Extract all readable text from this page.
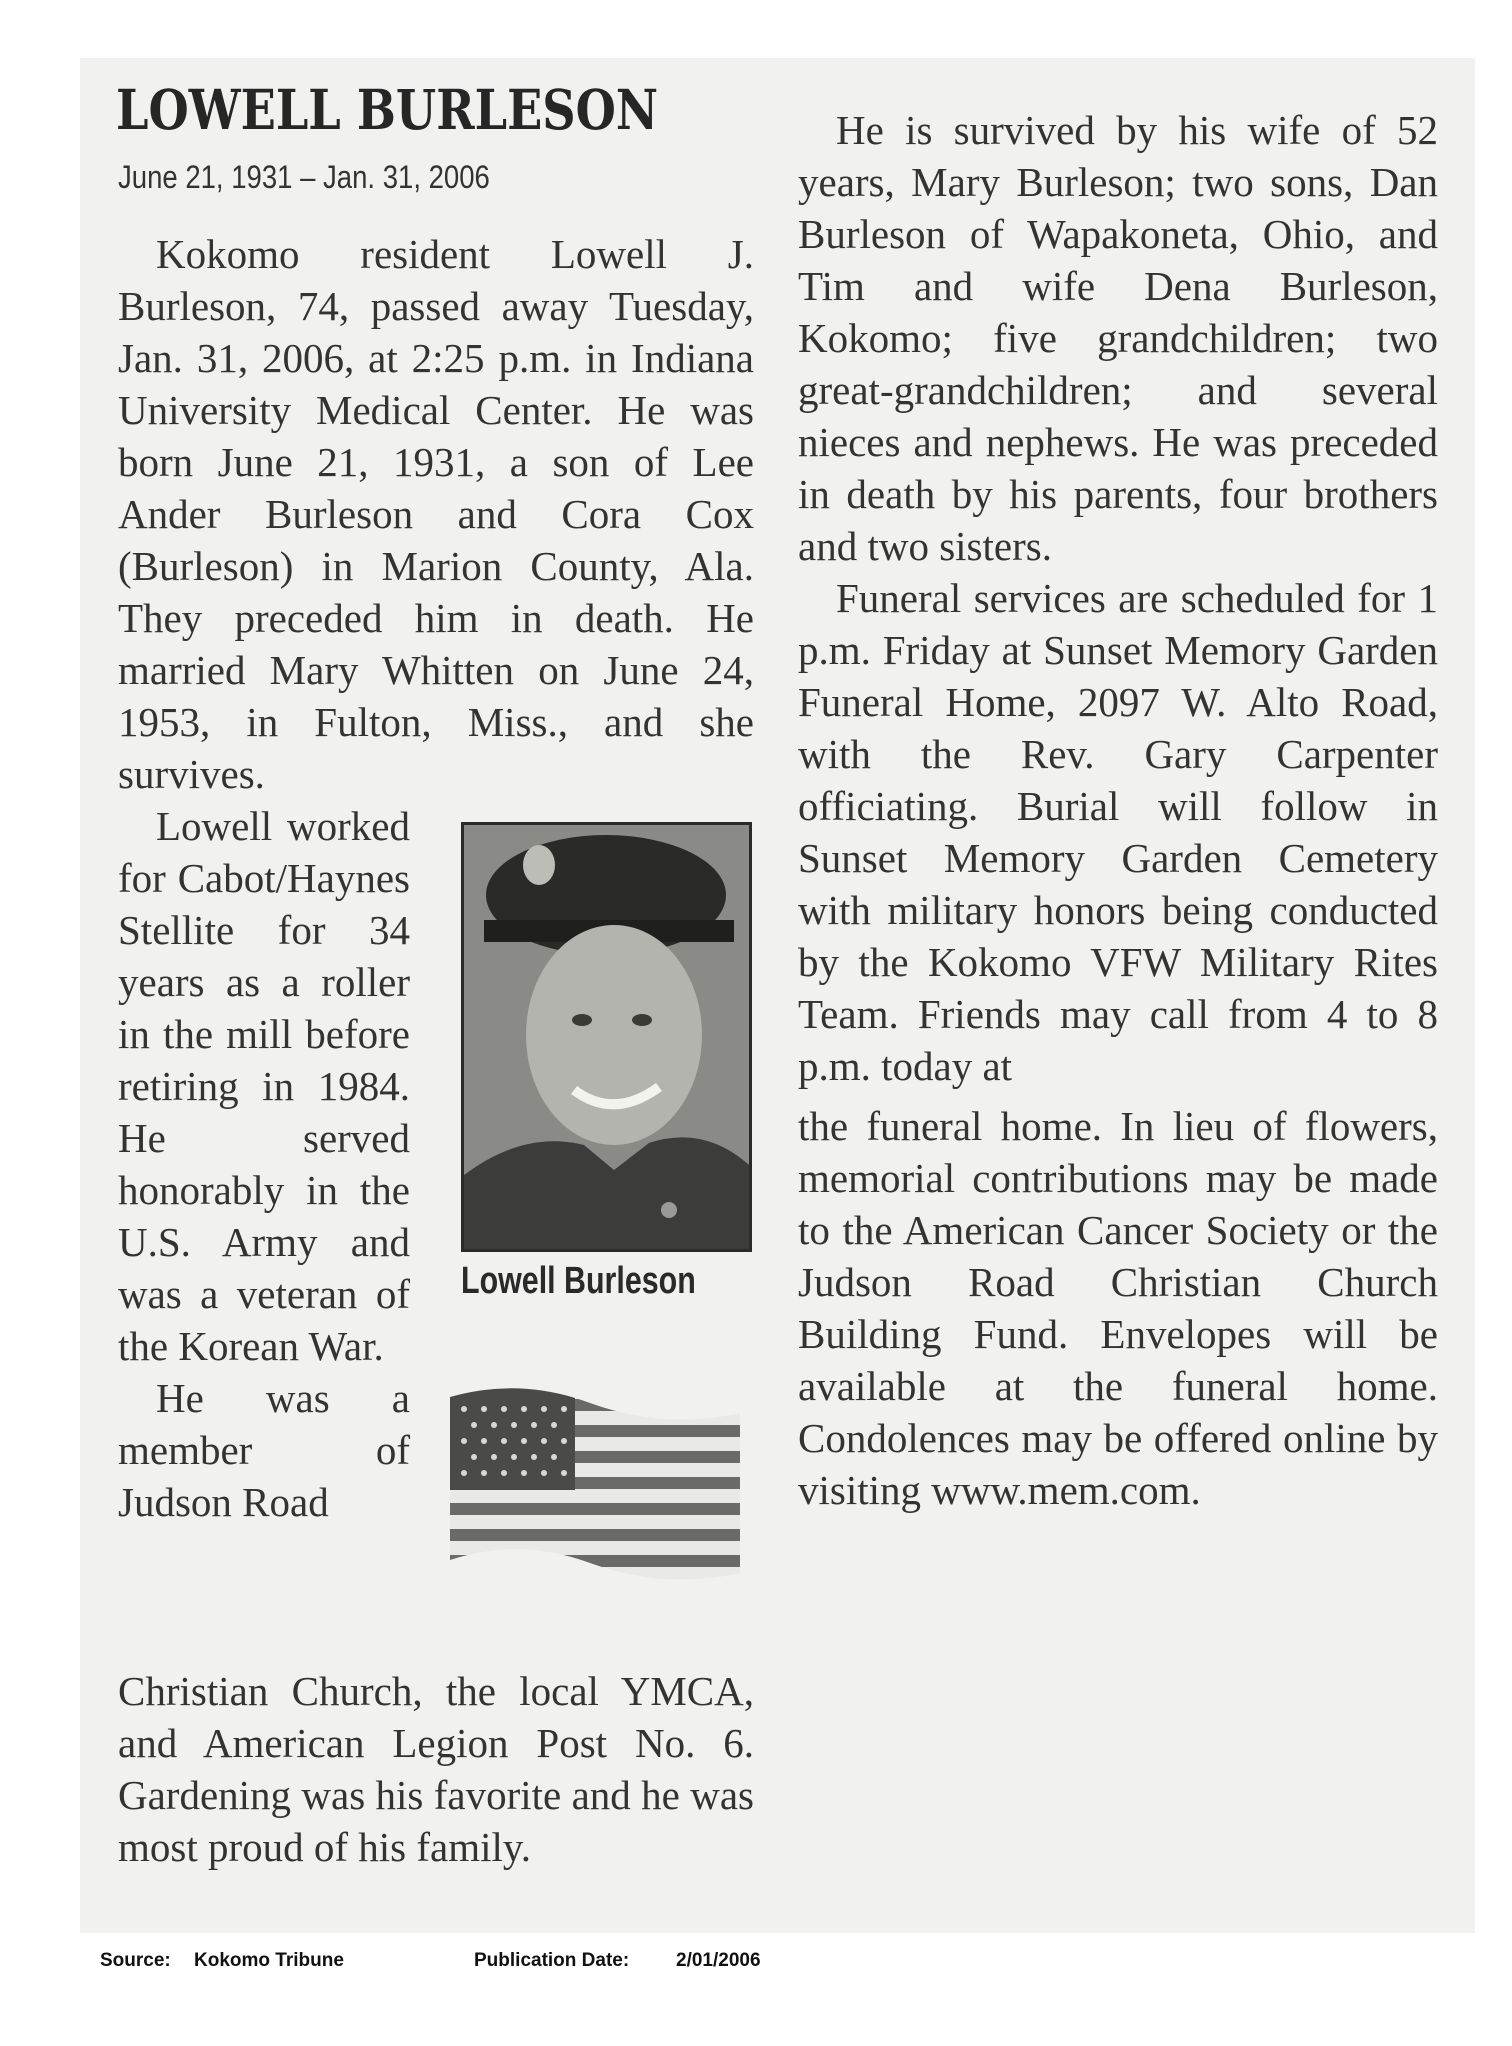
LOWELL BURLESON
June 21, 1931 – Jan. 31, 2006

Kokomo resident Lowell J. Burleson, 74, passed away Tuesday, Jan. 31, 2006, at 2:25 p.m. in Indiana University Medical Center. He was born June 21, 1931, a son of Lee Ander Burleson and Cora Cox (Burleson) in Marion County, Ala. They preceded him in death. He married Mary Whitten on June 24, 1953, in Fulton, Miss., and she survives.

Lowell worked for Cabot/Haynes Stellite for 34 years as a roller in the mill before retiring in 1984. He served honorably in the U.S. Army and was a veteran of the Korean War.

He was a member of Judson Road

Christian Church, the local YMCA, and American Legion Post No. 6. Gardening was his favorite and he was most proud of his family.
Lowell Burleson

He is survived by his wife of 52 years, Mary Burleson; two sons, Dan Burleson of Wapakoneta, Ohio, and Tim and wife Dena Burleson, Kokomo; five grandchildren; two great-grandchildren; and several nieces and nephews. He was preceded in death by his parents, four brothers and two sisters.

Funeral services are scheduled for 1 p.m. Friday at Sunset Memory Garden Funeral Home, 2097 W. Alto Road, with the Rev. Gary Carpenter officiating. Burial will follow in Sunset Memory Garden Cemetery with military honors being conducted by the Kokomo VFW Military Rites Team. Friends may call from 4 to 8 p.m. today at

the funeral home. In lieu of flowers, memorial contributions may be made to the American Cancer Society or the Judson Road Christian Church Building Fund. Envelopes will be available at the funeral home. Condolences may be offered online by visiting www.mem.com.
Source: Kokomo Tribune	Publication Date: 2/01/2006
